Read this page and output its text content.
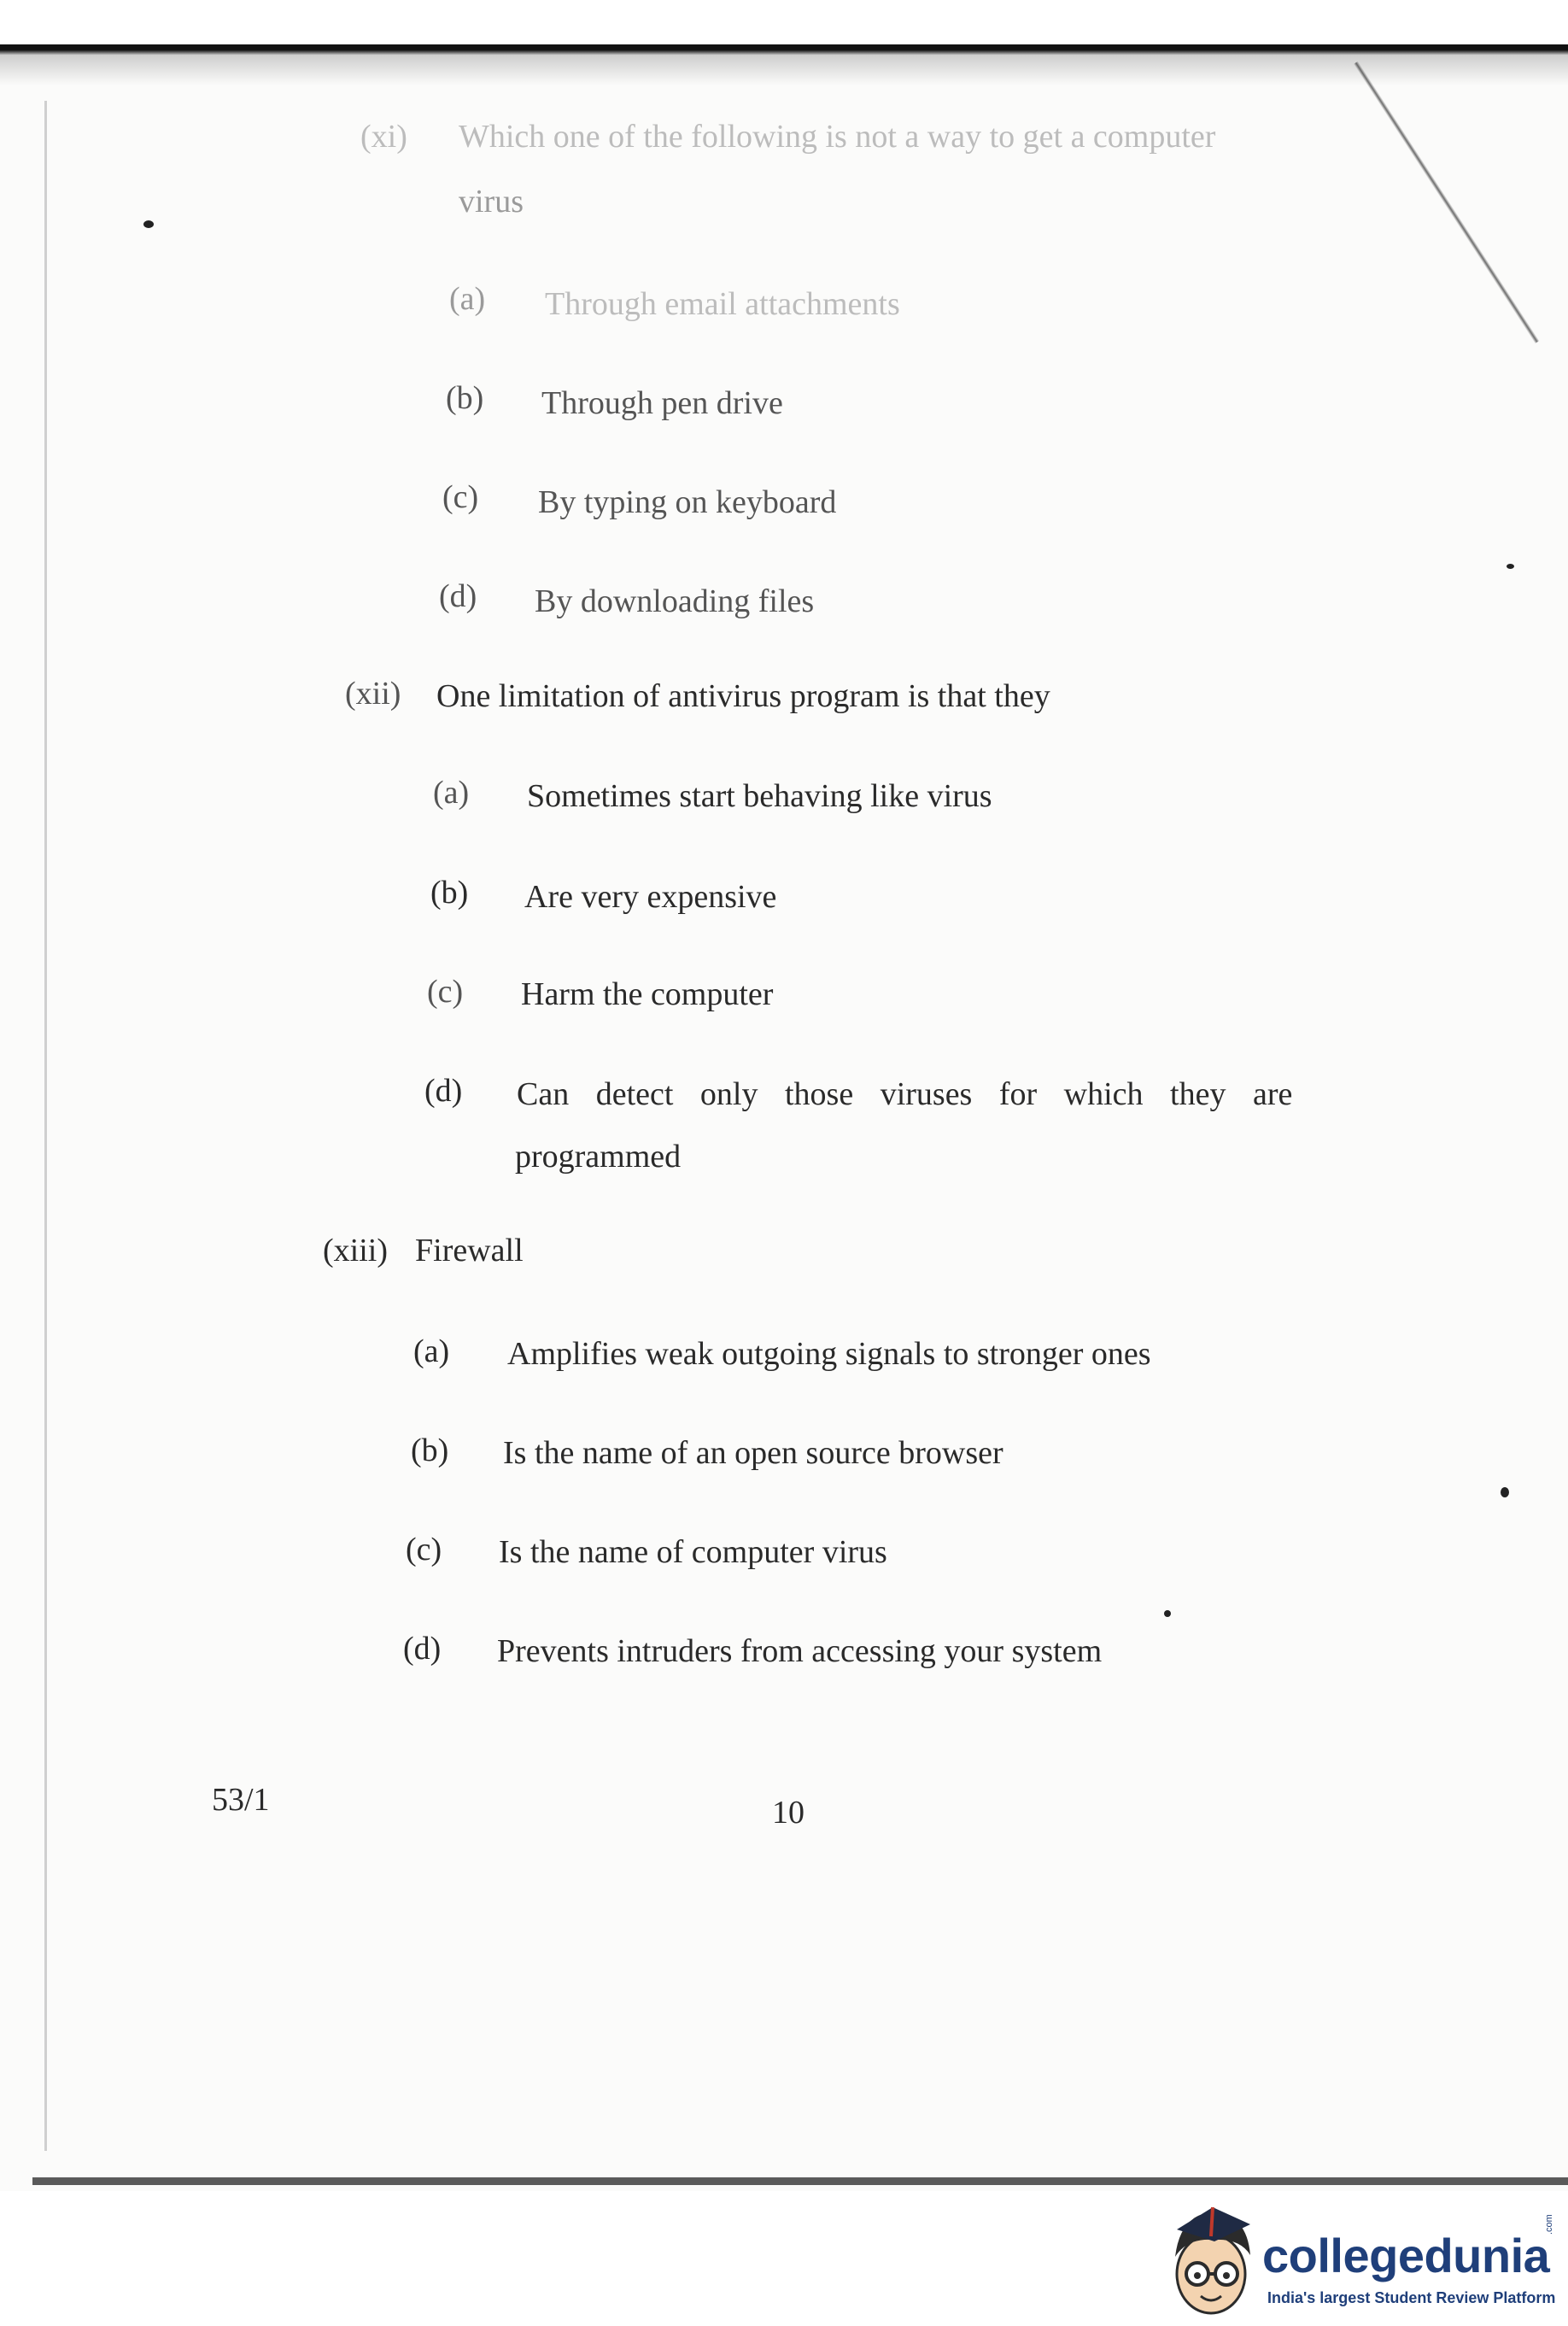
(xi) Which one of the following is not a way to get a computer
virus
(a) Through email attachments
(b) Through pen drive
(c) By typing on keyboard
(d) By downloading files
(xii) One limitation of antivirus program is that they
(a) Sometimes start behaving like virus
(b) Are very expensive
(c) Harm the computer
(d) Can detect only those viruses for which they are
programmed
(xiii) Firewall
(a) Amplifies weak outgoing signals to stronger ones
(b) Is the name of an open source browser
(c) Is the name of computer virus
(d) Prevents intruders from accessing your system
53/1	10
collegedunia
.com
India's largest Student Review Platform
